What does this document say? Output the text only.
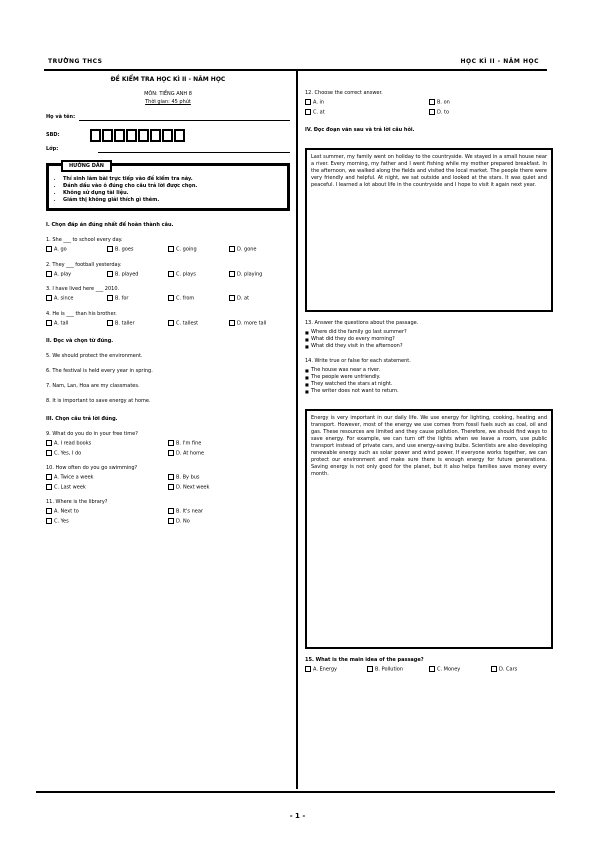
TRƯỜNG THCS	HỌC KÌ II - NĂM HỌC
ĐỀ KIỂM TRA HỌC KÌ II - NĂM HỌC
MÔN: TIẾNG ANH 8
Thời gian: 45 phút
Họ và tên:
SBD:
Lớp:
HƯỚNG DẪN
• Thí sinh làm bài trực tiếp vào đề kiểm tra này.
• Đánh dấu vào ô đúng cho câu trả lời được chọn.
• Không sử dụng tài liệu.
• Giám thị không giải thích gì thêm.
I. Chọn đáp án đúng nhất để hoàn thành câu.
1. She ___ to school every day.
A. go	B. goes	C. going	D. gone
2. They ___ football yesterday.
A. play	B. played	C. plays	D. playing
3. I have lived here ___ 2010.
A. since	B. for	C. from	D. at
4. He is ___ than his brother.
A. tall	B. taller	C. tallest	D. more tall
II. Đọc và chọn từ đúng.
5. We should protect the environment.
6. The festival is held every year in spring.
7. Nam, Lan, Hoa are my classmates.
8. It is important to save energy at home.
III. Chọn câu trả lời đúng.
9. What do you do in your free time?
A. I read books	B. I'm fine
C. Yes, I do	D. At home
10. How often do you go swimming?
A. Twice a week	B. By bus
C. Last week	D. Next week
11. Where is the library?
A. Next to	B. It's near
C. Yes	D. No
12. Choose the correct answer.
A. in	B. on
C. at	D. to
IV. Đọc đoạn văn sau và trả lời câu hỏi.
Last summer, my family went on holiday to the countryside. We stayed in a small house near a river. Every morning, my father and I went fishing while my mother prepared breakfast. In the afternoon, we walked along the fields and visited the local market. The people there were very friendly and helpful. At night, we sat outside and looked at the stars. It was quiet and peaceful. I learned a lot about life in the countryside and I hope to visit it again next year.
13. Answer the questions about the passage.
■ Where did the family go last summer?
■ What did they do every morning?
■ What did they visit in the afternoon?
14. Write true or false for each statement.
■ The house was near a river.
■ The people were unfriendly.
■ They watched the stars at night.
■ The writer does not want to return.
Energy is very important in our daily life. We use energy for lighting, cooking, heating and transport. However, most of the energy we use comes from fossil fuels such as coal, oil and gas. These resources are limited and they cause pollution. Therefore, we should find ways to save energy. For example, we can turn off the lights when we leave a room, use public transport instead of private cars, and use energy-saving bulbs. Scientists are also developing renewable energy such as solar power and wind power. If everyone works together, we can protect our environment and make sure there is enough energy for future generations. Saving energy is not only good for the planet, but it also helps families save money every month.
15. What is the main idea of the passage?
A. Energy	B. Pollution	C. Money	D. Cars
- 1 -
